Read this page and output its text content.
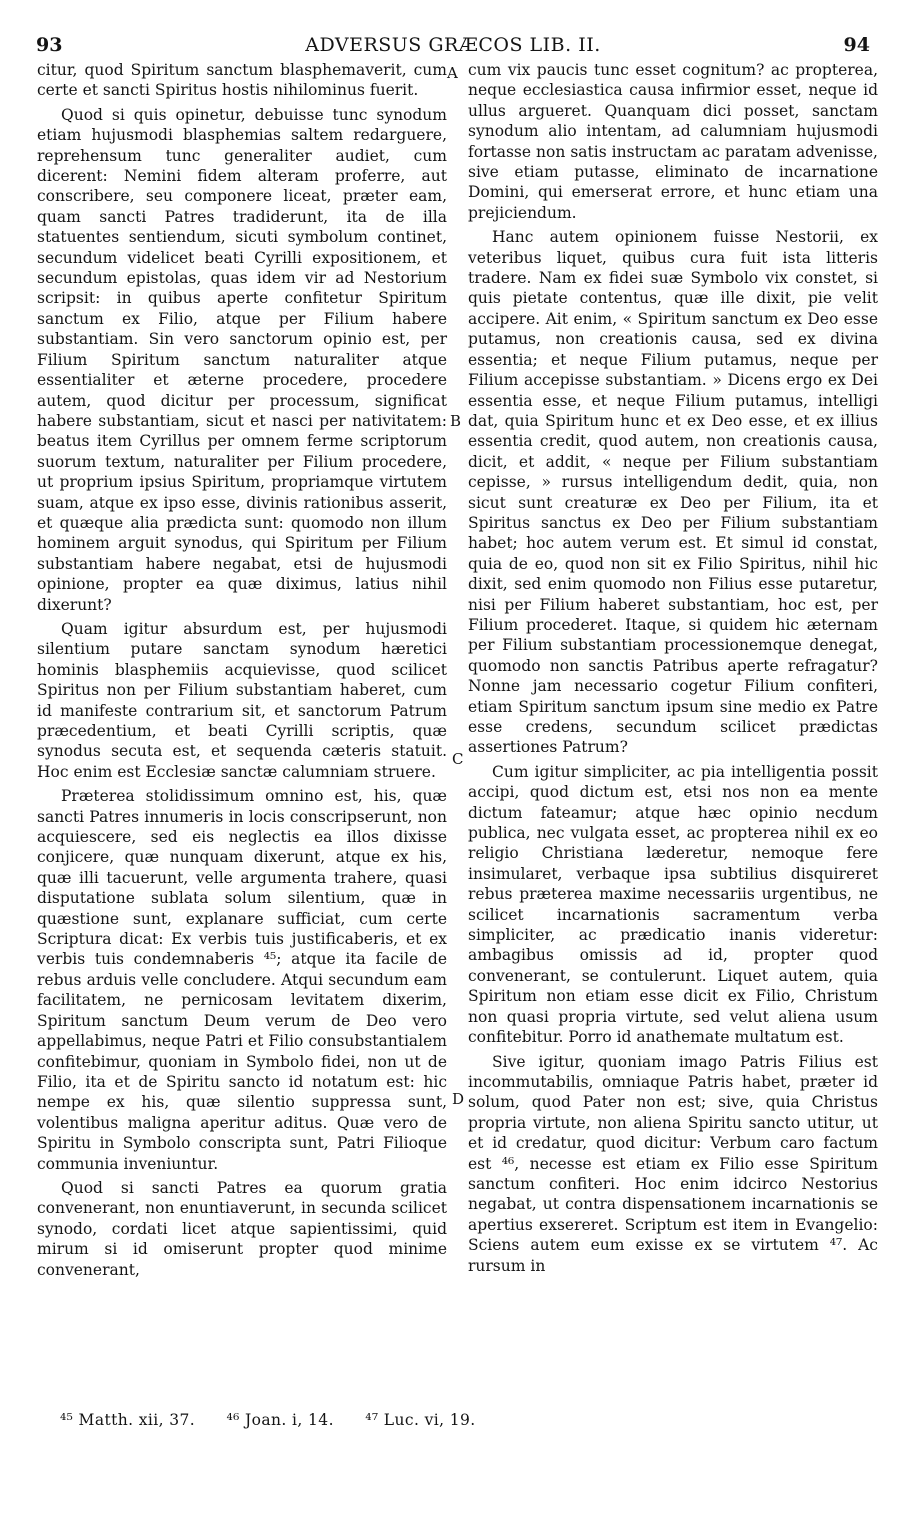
93	ADVERSUS GRÆCOS LIB. II.	94

citur, quod Spiritum sanctum blasphemaverit, cum certe et sancti Spiritus hostis nihilominus fuerit.

Quod si quis opinetur, debuisse tunc synodum etiam hujusmodi blasphemias saltem redarguere, reprehensum tunc generaliter audiet, cum dicerent: Nemini fidem alteram proferre, aut conscribere, seu componere liceat, præter eam, quam sancti Patres tradiderunt, ita de illa statuentes sentiendum, sicuti symbolum continet, secundum videlicet beati Cyrilli expositionem, et secundum epistolas, quas idem vir ad Nestorium scripsit: in quibus aperte confitetur Spiritum sanctum ex Filio, atque per Filium habere substantiam. Sin vero sanctorum opinio est, per Filium Spiritum sanctum naturaliter atque essentialiter et æterne procedere, procedere autem, quod dicitur per processum, significat habere substantiam, sicut et nasci per nativitatem: beatus item Cyrillus per omnem ferme scriptorum suorum textum, naturaliter per Filium procedere, ut proprium ipsius Spiritum, propriamque virtutem suam, atque ex ipso esse, divinis rationibus asserit, et quæque alia prædicta sunt: quomodo non illum hominem arguit synodus, qui Spiritum per Filium substantiam habere negabat, etsi de hujusmodi opinione, propter ea quæ diximus, latius nihil dixerunt?

Quam igitur absurdum est, per hujusmodi silentium putare sanctam synodum hæretici hominis blasphemiis acquievisse, quod scilicet Spiritus non per Filium substantiam haberet, cum id manifeste contrarium sit, et sanctorum Patrum præcedentium, et beati Cyrilli scriptis, quæ synodus secuta est, et sequenda cæteris statuit. Hoc enim est Ecclesiæ sanctæ calumniam struere.

Præterea stolidissimum omnino est, his, quæ sancti Patres innumeris in locis conscripserunt, non acquiescere, sed eis neglectis ea illos dixisse conjicere, quæ nunquam dixerunt, atque ex his, quæ illi tacuerunt, velle argumenta trahere, quasi disputatione sublata solum silentium, quæ in quæstione sunt, explanare sufficiat, cum certe Scriptura dicat: Ex verbis tuis justificaberis, et ex verbis tuis condemnaberis ⁴⁵; atque ita facile de rebus arduis velle concludere. Atqui secundum eam facilitatem, ne pernicosam levitatem dixerim, Spiritum sanctum Deum verum de Deo vero appellabimus, neque Patri et Filio consubstantialem confitebimur, quoniam in Symbolo fidei, non ut de Filio, ita et de Spiritu sancto id notatum est: hic nempe ex his, quæ silentio suppressa sunt, volentibus maligna aperitur aditus. Quæ vero de Spiritu in Symbolo conscripta sunt, Patri Filioque communia inveniuntur.

Quod si sancti Patres ea quorum gratia convenerant, non enuntiaverunt, in secunda scilicet synodo, cordati licet atque sapientissimi, quid mirum si id omiserunt propter quod minime convenerant,

cum vix paucis tunc esset cognitum? ac propterea, neque ecclesiastica causa infirmior esset, neque id ullus argueret. Quanquam dici posset, sanctam synodum alio intentam, ad calumniam hujusmodi fortasse non satis instructam ac paratam advenisse, sive etiam putasse, eliminato de incarnatione Domini, qui emerserat errore, et hunc etiam una prejiciendum.

Hanc autem opinionem fuisse Nestorii, ex veteribus liquet, quibus cura fuit ista litteris tradere. Nam ex fidei suæ Symbolo vix constet, si quis pietate contentus, quæ ille dixit, pie velit accipere. Ait enim, « Spiritum sanctum ex Deo esse putamus, non creationis causa, sed ex divina essentia; et neque Filium putamus, neque per Filium accepisse substantiam. » Dicens ergo ex Dei essentia esse, et neque Filium putamus, intelligi dat, quia Spiritum hunc et ex Deo esse, et ex illius essentia credit, quod autem, non creationis causa, dicit, et addit, « neque per Filium substantiam cepisse, » rursus intelligendum dedit, quia, non sicut sunt creaturæ ex Deo per Filium, ita et Spiritus sanctus ex Deo per Filium substantiam habet; hoc autem verum est. Et simul id constat, quia de eo, quod non sit ex Filio Spiritus, nihil hic dixit, sed enim quomodo non Filius esse putaretur, nisi per Filium haberet substantiam, hoc est, per Filium procederet. Itaque, si quidem hic æternam per Filium substantiam processionemque denegat, quomodo non sanctis Patribus aperte refragatur? Nonne jam necessario cogetur Filium confiteri, etiam Spiritum sanctum ipsum sine medio ex Patre esse credens, secundum scilicet prædictas assertiones Patrum?

Cum igitur simpliciter, ac pia intelligentia possit accipi, quod dictum est, etsi nos non ea mente dictum fateamur; atque hæc opinio necdum publica, nec vulgata esset, ac propterea nihil ex eo religio Christiana læderetur, nemoque fere insimularet, verbaque ipsa subtilius disquireret rebus præterea maxime necessariis urgentibus, ne scilicet incarnationis sacramentum verba simpliciter, ac prædicatio inanis videretur: ambagibus omissis ad id, propter quod convenerant, se contulerunt. Liquet autem, quia Spiritum non etiam esse dicit ex Filio, Christum non quasi propria virtute, sed velut aliena usum confitebitur. Porro id anathemate multatum est.

Sive igitur, quoniam imago Patris Filius est incommutabilis, omniaque Patris habet, præter id solum, quod Pater non est; sive, quia Christus propria virtute, non aliena Spiritu sancto utitur, ut et id credatur, quod dicitur: Verbum caro factum est ⁴⁶, necesse est etiam ex Filio esse Spiritum sanctum confiteri. Hoc enim idcirco Nestorius negabat, ut contra dispensationem incarnationis se apertius exsereret. Scriptum est item in Evangelio: Sciens autem eum exisse ex se virtutem ⁴⁷. Ac rursum in

A
B
C
D
⁴⁵ Matth. xii, 37. ⁴⁶ Joan. i, 14. ⁴⁷ Luc. vi, 19.
